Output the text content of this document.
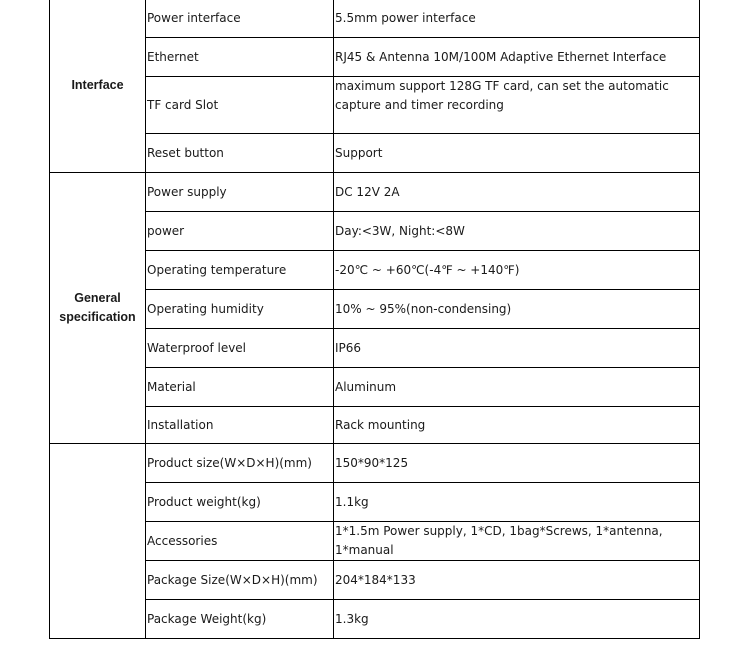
Interface	Power interface	5.5mm power interface
	Ethernet	RJ45 & Antenna 10M/100M Adaptive Ethernet Interface
	TF card Slot	maximum support 128G TF card, can set the automatic capture and timer recording
	Reset button	Support
General specification	Power supply	DC 12V 2A
	power	Day:<3W, Night:<8W
	Operating temperature	-20℃ ~ +60℃(-4℉ ~ +140℉)
	Operating humidity	10% ~ 95%(non-condensing)
	Waterproof level	IP66
	Material	Aluminum
	Installation	Rack mounting
	Product size(W×D×H)(mm)	150*90*125
	Product weight(kg)	1.1kg
	Accessories	1*1.5m Power supply, 1*CD, 1bag*Screws, 1*antenna, 1*manual
	Package Size(W×D×H)(mm)	204*184*133
	Package Weight(kg)	1.3kg
